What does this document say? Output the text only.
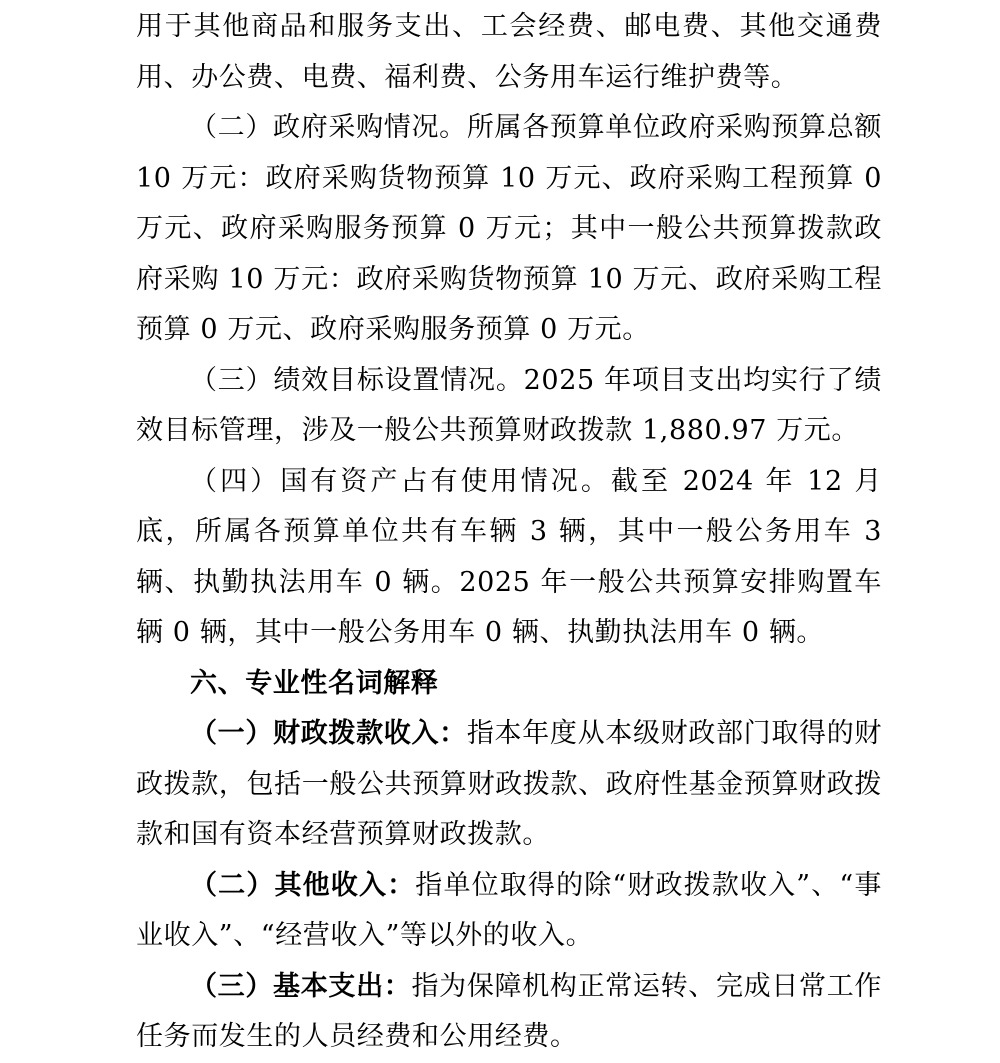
用于其他商品和服务支出、工会经费、邮电费、其他交通费用、办公费、电费、福利费、公务用车运行维护费等。

（二）政府采购情况。所属各预算单位政府采购预算总额 10 万元：政府采购货物预算 10 万元、政府采购工程预算 0 万元、政府采购服务预算 0 万元；其中一般公共预算拨款政府采购 10 万元：政府采购货物预算 10 万元、政府采购工程预算 0 万元、政府采购服务预算 0 万元。

（三）绩效目标设置情况。2025 年项目支出均实行了绩效目标管理，涉及一般公共预算财政拨款 1,880.97 万元。

（四）国有资产占有使用情况。截至 2024 年 12 月底，所属各预算单位共有车辆 3 辆，其中一般公务用车 3 辆、执勤执法用车 0 辆。2025 年一般公共预算安排购置车辆 0 辆，其中一般公务用车 0 辆、执勤执法用车 0 辆。

六、专业性名词解释

（一）财政拨款收入：指本年度从本级财政部门取得的财政拨款，包括一般公共预算财政拨款、政府性基金预算财政拨款和国有资本经营预算财政拨款。

（二）其他收入：指单位取得的除“财政拨款收入”、“事业收入”、“经营收入”等以外的收入。

（三）基本支出：指为保障机构正常运转、完成日常工作任务而发生的人员经费和公用经费。
